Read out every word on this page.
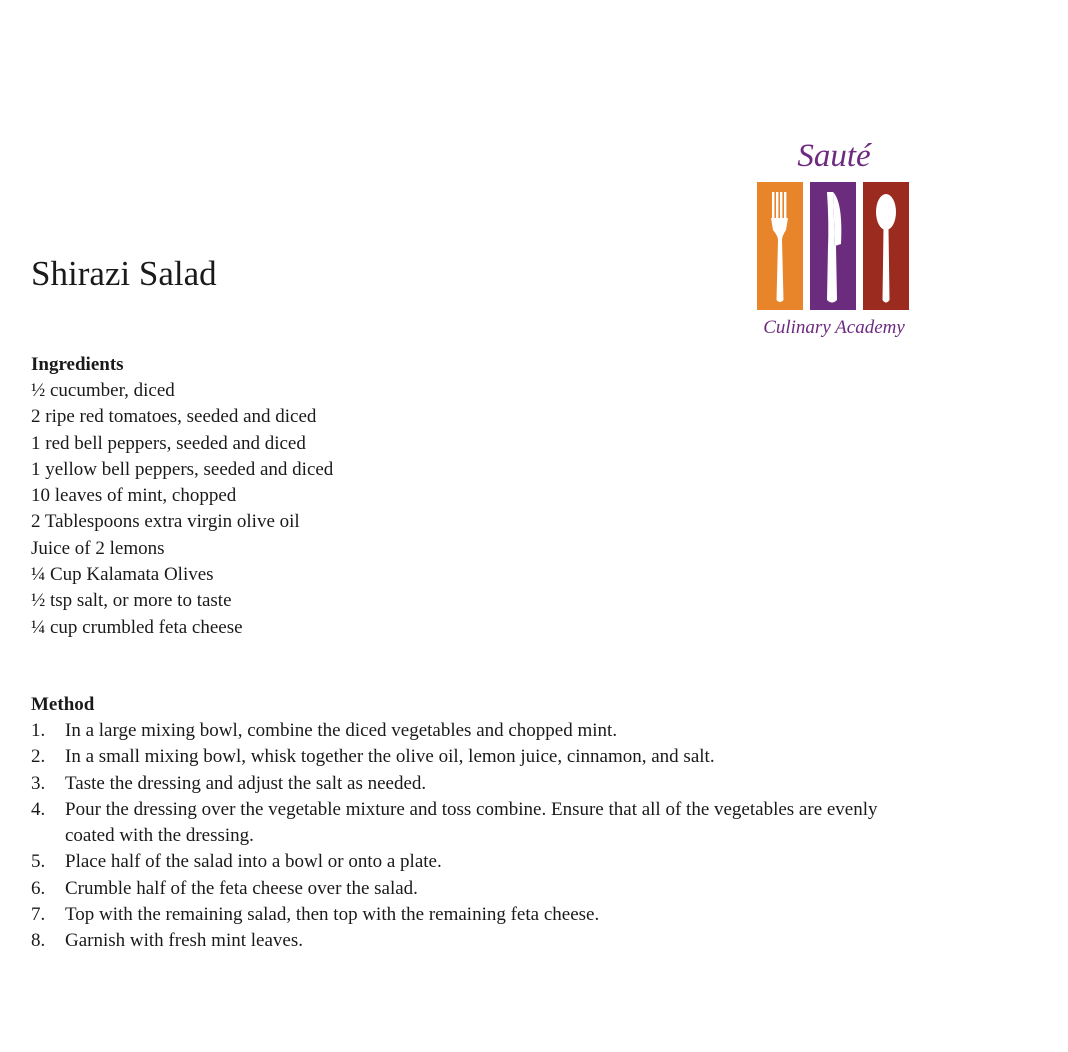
Shirazi Salad
Sauté
Culinary Academy
Ingredients
½ cucumber, diced
2 ripe red tomatoes, seeded and diced
1 red bell peppers, seeded and diced
1 yellow bell peppers, seeded and diced
10 leaves of mint, chopped
2 Tablespoons extra virgin olive oil
Juice of 2 lemons
¼ Cup Kalamata Olives
½ tsp salt, or more to taste
¼ cup crumbled feta cheese
Method
1. In a large mixing bowl, combine the diced vegetables and chopped mint.
2. In a small mixing bowl, whisk together the olive oil, lemon juice, cinnamon, and salt.
3. Taste the dressing and adjust the salt as needed.
4. Pour the dressing over the vegetable mixture and toss combine. Ensure that all of the vegetables are evenly coated with the dressing.
5. Place half of the salad into a bowl or onto a plate.
6. Crumble half of the feta cheese over the salad.
7. Top with the remaining salad, then top with the remaining feta cheese.
8. Garnish with fresh mint leaves.
